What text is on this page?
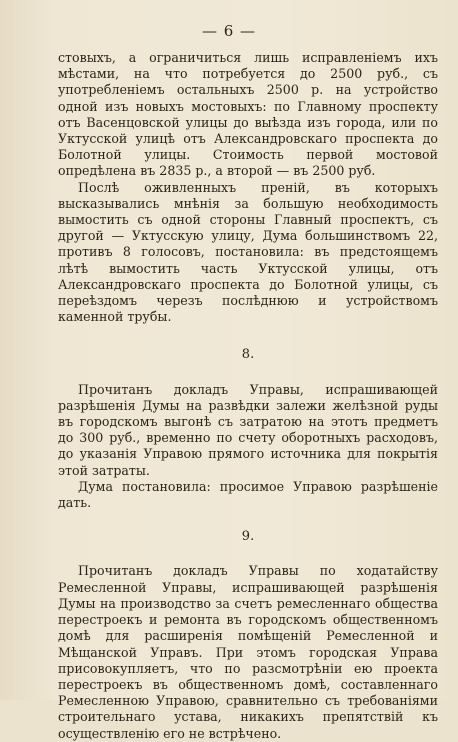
— 6 —

стовыхъ, а ограничиться лишь исправленіемъ ихъ мѣстами, на что потребуется до 2500 руб., съ употребленіемъ остальныхъ 2500 р. на устройство одной изъ новыхъ мостовыхъ: по Главному проспекту отъ Васенцовской улицы до выѣзда изъ города, или по Уктусской улицѣ отъ Александровскаго проспекта до Болотной улицы. Стоимость первой мостовой опредѣлена въ 2835 р., а второй — въ 2500 руб.

Послѣ оживленныхъ преній, въ которыхъ высказывались мнѣнія за большую необходимость вымостить съ одной стороны Главный проспектъ, съ другой — Уктусскую улицу, Дума большинствомъ 22, противъ 8 голосовъ, постановила: въ предстоящемъ лѣтѣ вымостить часть Уктусской улицы, отъ Александровскаго проспекта до Болотной улицы, съ переѣздомъ черезъ послѣднюю и устройствомъ каменной трубы.

8.

Прочитанъ докладъ Управы, испрашивающей разрѣшенія Думы на развѣдки залежи желѣзной руды въ городскомъ выгонѣ съ затратою на этотъ предметъ до 300 руб., временно по счету оборотныхъ расходовъ, до указанія Управою прямого источника для покрытія этой затраты.

Дума постановила: просимое Управою разрѣшеніе дать.

9.

Прочитанъ докладъ Управы по ходатайству Ремесленной Управы, испрашивающей разрѣшенія Думы на производство за счетъ ремесленнаго общества перестроекъ и ремонта въ городскомъ общественномъ домѣ для расширенія помѣщеній Ремесленной и Мѣщанской Управъ. При этомъ городская Управа присовокупляетъ, что по разсмотрѣніи ею проекта перестроекъ въ общественномъ домѣ, составленнаго Ремесленною Управою, сравнительно съ требованіями строительнаго устава, никакихъ препятствій къ осуществленію его не встрѣчено.
